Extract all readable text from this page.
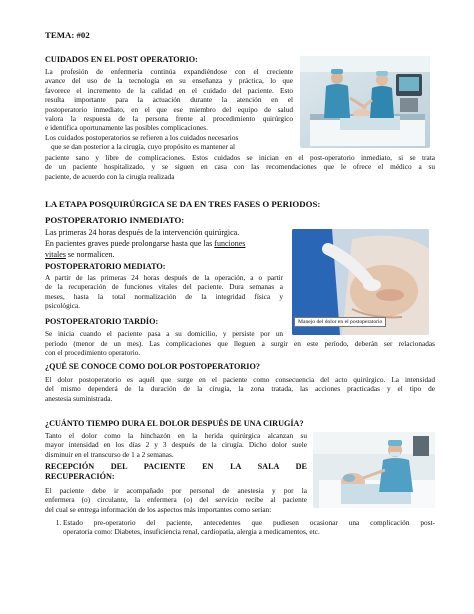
TEMA: #02

CUIDADOS EN EL POST OPERATORIO:

La profesión de enfermería continúa expandiéndose con el creciente

avance del uso de la tecnología en su enseñanza y práctica, lo que

favorece el incremento de la calidad en el cuidado del paciente. Esto

resulta importante para la actuación durante la atención en el

postoperatorio inmediato, en el que ese miembro del equipo de salud

valora la respuesta de la persona frente al procedimiento quirúrgico

e identifica oportunamente las posibles complicaciones.

Los cuidados postoperatorios se refieren a los cuidados necesarios

que se dan posterior a la cirugía, cuyo propósito es mantener al

paciente sano y libre de complicaciones. Estos cuidados se inician en el post-operatorio inmediato, si se trata

de un paciente hospitalizado, y se siguen en casa con las recomendaciones que le ofrece el médico a su

paciente, de acuerdo con la cirugía realizada

LA ETAPA POSQUIRÚRGICA SE DA EN TRES FASES O PERIODOS:

POSTOPERATORIO INMEDIATO:

Las primeras 24 horas después de la intervención quirúrgica.

En pacientes graves puede prolongarse hasta que las funciones

vitales se normalicen.

POSTOPERATORIO MEDIATO:

A partir de las primeras 24 horas después de la operación, a o partir

de la recuperación de funciones vitales del paciente. Dura semanas a

meses, hasta la total normalización de la integridad física y

psicológica.

POSTOPERATORIO TARDÍO:

Se inicia cuando el paciente pasa a su domicilio, y persiste por un

período (menor de un mes). Las complicaciones que lleguen a surgir en este período, deberán ser relacionadas

con el procedimiento operatorio.

Manejo del dolor en el postoperatorio

¿QUÉ SE CONOCE COMO DOLOR POSTOPERATORIO?

El dolor postoperatorio es aquél que surge en el paciente como consecuencia del acto quirúrgico. La intensidad

del mismo dependerá de la duración de la cirugía, la zona tratada, las acciones practicadas y el tipo de

anestesia suministrada.

¿CUÁNTO TIEMPO DURA EL DOLOR DESPUÉS DE UNA CIRUGÍA?

Tanto el dolor como la hinchazón en la herida quirúrgica alcanzan su

mayor intensidad en los días 2 y 3 después de la cirugía. Dicho dolor suele

disminuir en el transcurso de 1 a 2 semanas.

RECEPCIÓN DEL PACIENTE EN LA SALA DE

RECUPERACIÓN:

El paciente debe ir acompañado por personal de anestesia y por la

enfermera (o) circulante, la enfermera (o) del servicio recibe al paciente

del cual se entrega información de los aspectos más importantes como serían:

1. Estado pre-operatorio del paciente, antecedentes que pudiesen ocasionar una complicación post-
operatoria como: Diabetes, insuficiencia renal, cardiopatía, alergia a medicamentos, etc.
